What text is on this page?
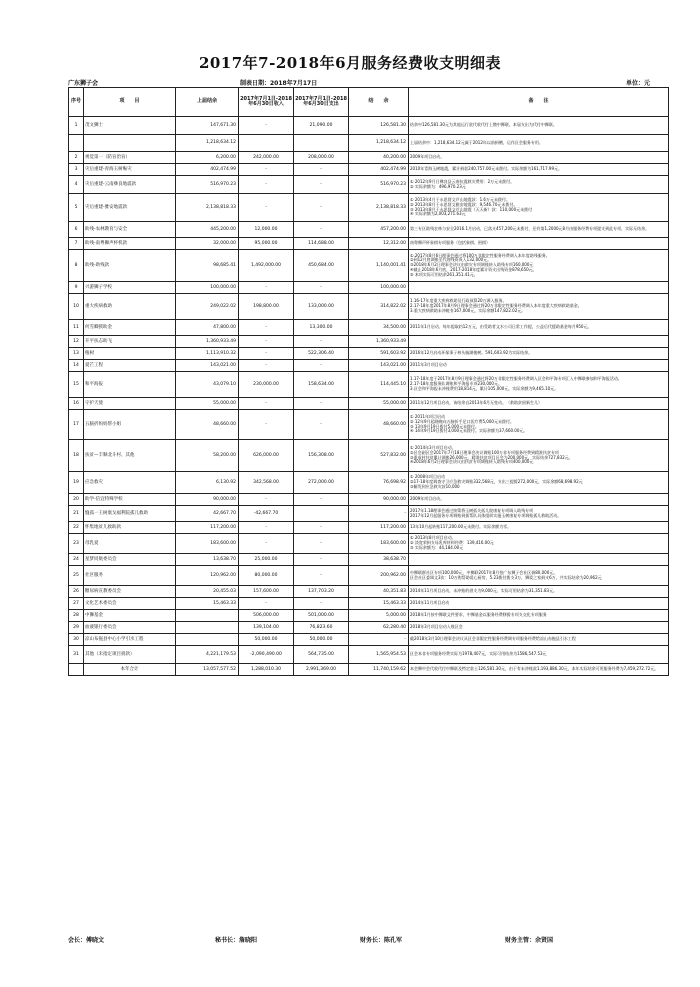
2017年7-2018年6月服务经费收支明细表
广东狮子会	制表日期：2018年7月17日	单位：元
序号	项　　目	上届结余	2017年7月1日-2018年6月30日收入	2017年7月1日-2018年6月30日支出	结　　余	备　　注
1	茂文狮士	147,671.30	-	21,090.00	126,581.30	结余中126,581.30元为其他运行款代收代付上缴中狮联，本届支出为代付中狮联。
		1,218,634.12			1,218,634.12	上届结余中：1,218,634.12元属于2012年以前捐赠，运作区会服务专用。
2	视觉第一（防盲治盲）	6,200.00	242,000.00	208,000.00	40,200.00	2009年项目启动。
3	灾后重建-青海玉树赈灾	402,474.99	-	-	402,474.99	2010年青海玉树地震，累计捐款240,757.00元未拨付。实际余额为161,717.99元。
4	灾后重建-云南彝良地震款	516,970.23	-	-	516,970.23	① 2012年9月日彝良县云南抗震救灾费用：2万元未拨付。
② 实际余额为：496,970.23元
5	灾后重建-雅安地震款	2,138,818.33	-	-	2,138,818.33	① 2013年4月于永思督文芦山地震款：1.6万元未拨付。
② 2013年8月于永思督文雅安地震款：9,546.70元未拨付。
③ 2013年8月于永思督文芦山地震（天天新）款：110,000元未拨付
④ 实际余额为2,003,271.63元
6	助残-农林教育与安全	445,200.00	12,000.00	-	457,200.00	第三专区助残农林与安全2016.1月启动，已落支457,200元未拨付，还有第1,2000元8月由服务经费专项提支到此专项，实际无结余。
7	助残-南粤狮声杯机款	32,000.00	95,000.00	114,688.00	12,312.00	南粤狮声杯象棋专项服务（包括象棋、围棋）
8	助残-助残款	98,685.41	1,492,000.00	450,684.00	1,140,001.41	①.2017年8月6日理事会通过将100万非限定性服务经费调入本年度助残服务。
②到12月底调账至代理残资成入132,000元。
③2018年6月2日理事会决议由救灾专项调账转入助残专项160,000元
④截止2018年6月底，2017-2018年度累计资支出残资金878,650元。
⑤ 本项实际可用结余261,351.41元。
9	兴游狮子学校	100,000.00	-	-	100,000.00	
10	重大疾病救助	249,022.02	198,800.00	133,000.00	314,822.02	1.16-17年度重大疾病救助及行政预算20万调入服务。
2.17-18年度2017年8月9日理事会通过将20万非限定性服务经费调入本年度重大疾病救助基金。
3.重大疾病救助未冲帐有167,000元，实际余额147,822.02元。
11	何雪卿援助金	47,800.00	-	13,300.00	34,500.00	2011年1月启动，每年提取约12万元，由受助者文水公司日常工作提，公益后代援助基金每月950元。
12	开平扶志助飞	1,360,933.49	-	-	1,360,933.49	
13	植树	1,113,910.32	-	522,306.40	591,603.92	2016年12月启动环保事子林头脑湖植树。591,603.92为实际结余。
14	爱芒工程	143,021.00	-	-	143,021.00	2011年3月项目启动
15	和平海报	43,079.10	230,000.00	158,634.00	114,445.10	1.17-18年度于2017年8月9日理事会通过将20万非限定性服务经费调入区会和平海专项汇入中狮联参加和平海报活动。
2.17-18年度服务队调账和平海报专项230,000元。
3.区会和平海报未冲账费用18,814元，累计105,000元，实际余额为9,465.10元。
16	守护天使	55,000.00	-	-	55,000.00	2011年12月项目启动，该结余自2013年6月无变动。（救助贫困新生儿）
17	五脑折妈妈帮小姐	48,660.00	-	-	48,660.00	① 2011年项目启动
② 12年9月起晓晚向五脑折手足口医疗费5,000元未拨付。
③ 13年9月19日拨付5,000元未拨付。
④ 14年9月19日拨付3,000元未拨付。实际余额为37,660.00元。
18	扶贫—丰顺北斗村、其他	58,200.00	626,000.00	156,308.00	527,832.00	① 2014年3月项目启动。
②区会副区会2017年7月18日理事会决议调账100万非专项服务经费到精准扶贫专项
③重成村扶贫累计调账26,000元，精准扶贫项目区会为200,000元，实际结余727,832元。
④2018年6月2日理事会决议由扶贫专项调账转入助残专项400,000元
19	应急救灾	6,130.92	342,568.00	272,000.00	76,698.92	① 2008年项目启动
②17-18年度调查守卫应急救灾调账332,568元，支出三提拨272,000元，实际余额68,698.92元
③解发到应急救灾款10,000
20	助学-信宜特殊学校	90,000.00	-	-	90,000.00	2009年项目启动。
21	恤孤一王树康戈福利院孤儿救助	42,667.70	-42,667.70		-	2017年1.18理事会通过按策将玉树孤关孤儿院康复专项调入助残专项
2017年12月起服务专项调账到拔帮队具体组织实施玉树康复专项调账孤儿救助活动。
22	怀集地贫儿救助款	117,200.00	-	-	117,200.00	13年10月起转账117,200.00元未拨付。实际余额为零。
23	母乳爱	183,600.00	-	-	183,600.00	① 2013年8月项目启动。
② 淡宽荣捐支母乳库材料经费：139,416.00元
③ 实际余额为：44,184.00元
24	星梦同航委员会	13,638.70	25,000.00	-	38,638.70	
25	社区服务	120,962.00	80,000.00	-	200,962.00	中狮联群社区专项100,000元，中狮联2017年8月拍广东狮子会社区捐80,000元。
区会社区委调文3次：10万购帮助爱心厨房，5.23拨付拨支3万，狮爱之家捐支6万，共实际结余为20,962元
26	糖尿病宣教委员会	20,455.03	157,600.00	137,703.20	40,351.83	2014年11月项目启动，未冲账的借支为9,000元，实际可用结余为31,351.83元。
27	文化艺术委员会	15,463.33	-	-	15,463.33	2014年11月项目启动
28	中狮基金		506,000.00	501,000.00	5,000.00	2018年1月按中狮联文件要求，中狮基金以服务经费移拨专项支交化专项服务
29	血液银行委员会		139,104.00	76,823.60	62,280.40	2018年3月项目启动入账区会
30	凉山布拖县中心小学引水工程		50,000.00	50,000.00	-	截2018年3月10日理事会决议从区会非限定性服务经费调专项服务经费给凉山布拖县引水工程
31	其他（未指定项目捐款）	4,221,179.53	-2,090,490.00	564,735.00	1,565,954.53	区会本非专项服务经费实际为1978,407元，实际可用结余为1586,547.53元
	本年合计	13,057,577.52	1,288,010.30	2,991,369.00	11,740,159.62	本会狮中会代收代付中狮联及特定款士126,581.30元，由于有未冲账款1,193,886.30元，本年实际结余可用服务经费为7,459,272.72元。
会长：傅晓文	秘书长：詹晓阳	财务长：陈孔军	财务主管：余贤国
